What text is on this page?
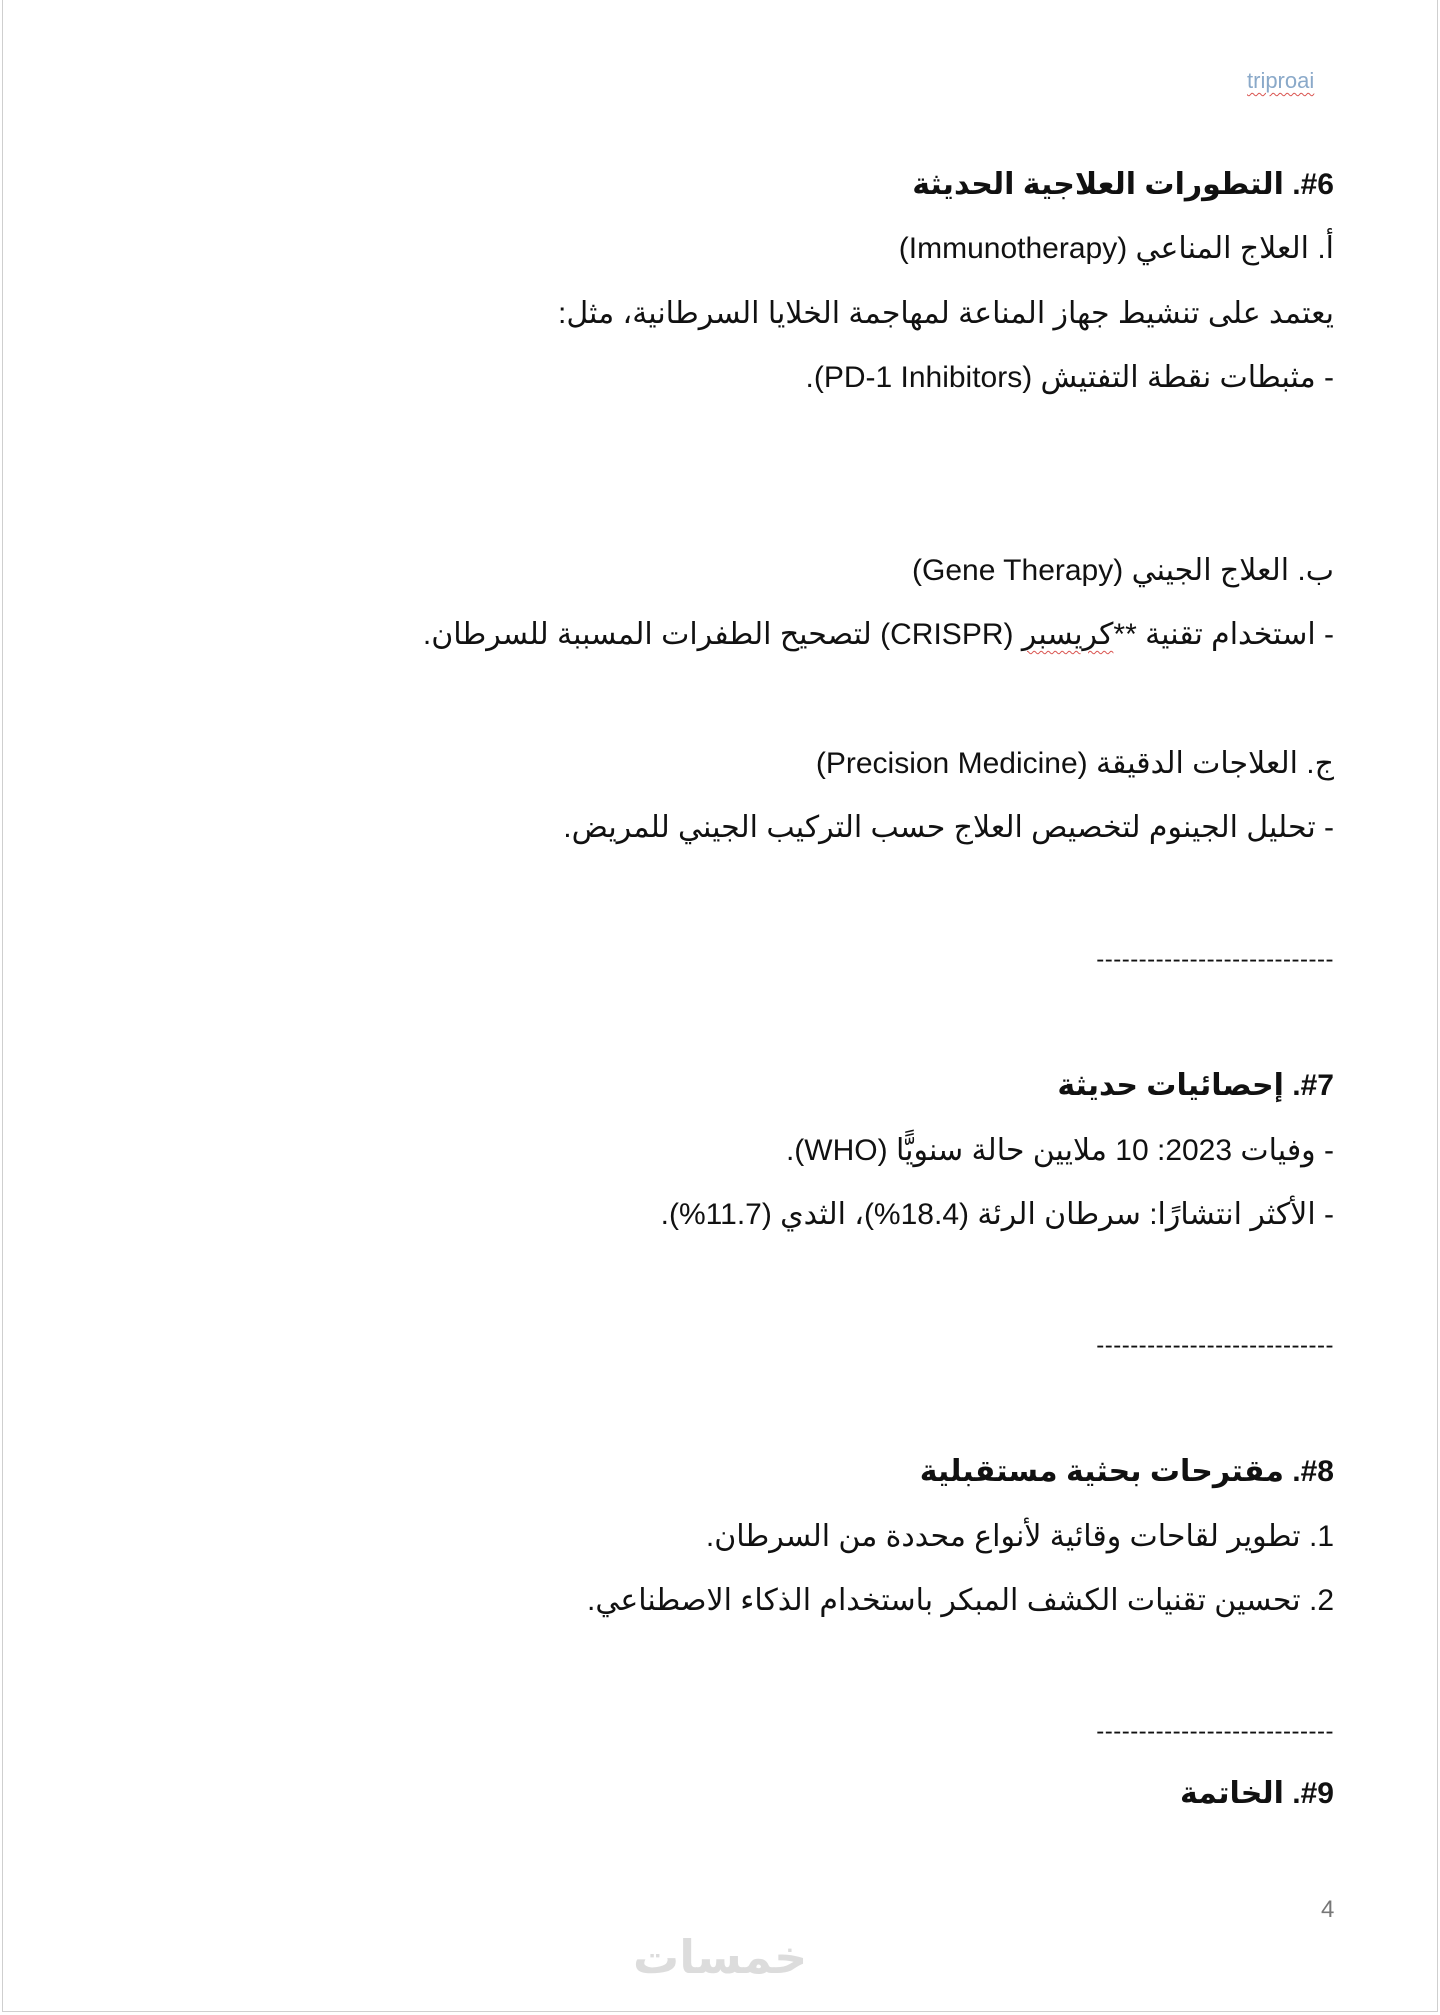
triproai
#6. التطورات العلاجية الحديثة
أ. العلاج المناعي (Immunotherapy)
يعتمد على تنشيط جهاز المناعة لمهاجمة الخلايا السرطانية، مثل:
- مثبطات نقطة التفتيش (PD-1 Inhibitors).
ب. العلاج الجيني (Gene Therapy)
- استخدام تقنية **كريسبر (CRISPR) لتصحيح الطفرات المسببة للسرطان.
ج. العلاجات الدقيقة (Precision Medicine)
- تحليل الجينوم لتخصيص العلاج حسب التركيب الجيني للمريض.
----------------------------
#7. إحصائيات حديثة
- وفيات 2023: 10 ملايين حالة سنويًّا (WHO).
- الأكثر انتشارًا: سرطان الرئة (18.4%)، الثدي (11.7%).
----------------------------
#8. مقترحات بحثية مستقبلية
1. تطوير لقاحات وقائية لأنواع محددة من السرطان.
2. تحسين تقنيات الكشف المبكر باستخدام الذكاء الاصطناعي.
----------------------------
#9. الخاتمة
4
خمسات
